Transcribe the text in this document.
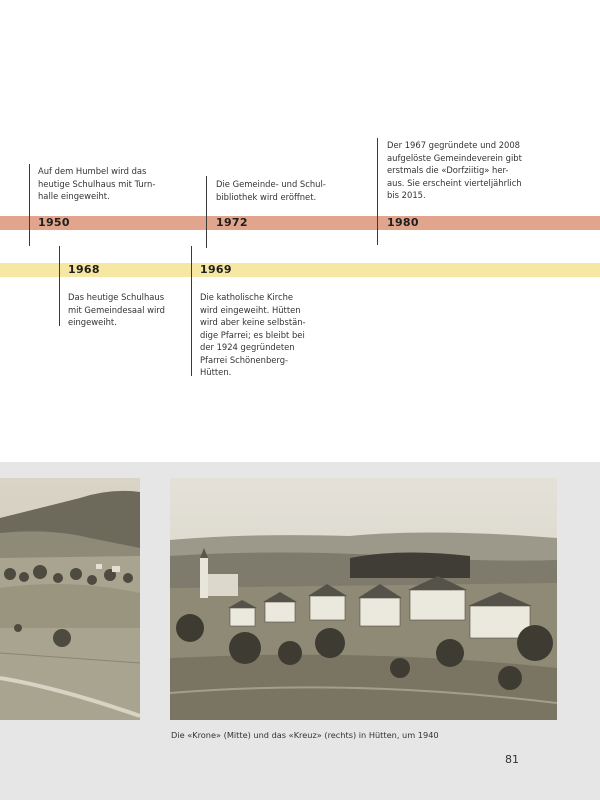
Auf dem Humbel wird das
heutige Schulhaus mit Turn-
halle eingeweiht.
1950
Die Gemeinde- und Schul-
bibliothek wird eröffnet.
1972
Der 1967 gegründete und 2008
aufgelöste Gemeindeverein gibt
erstmals die «Dorfziitig» her-
aus. Sie erscheint vierteljährlich
bis 2015.
1980
1968
Das heutige Schulhaus
mit Gemeindesaal wird
eingeweiht.
1969
Die katholische Kirche
wird eingeweiht. Hütten
wird aber keine selbstän-
dige Pfarrei; es bleibt bei
der 1924 gegründeten
Pfarrei Schönenberg-
Hütten.
Die «Krone» (Mitte) und das «Kreuz» (rechts) in Hütten, um 1940
81
